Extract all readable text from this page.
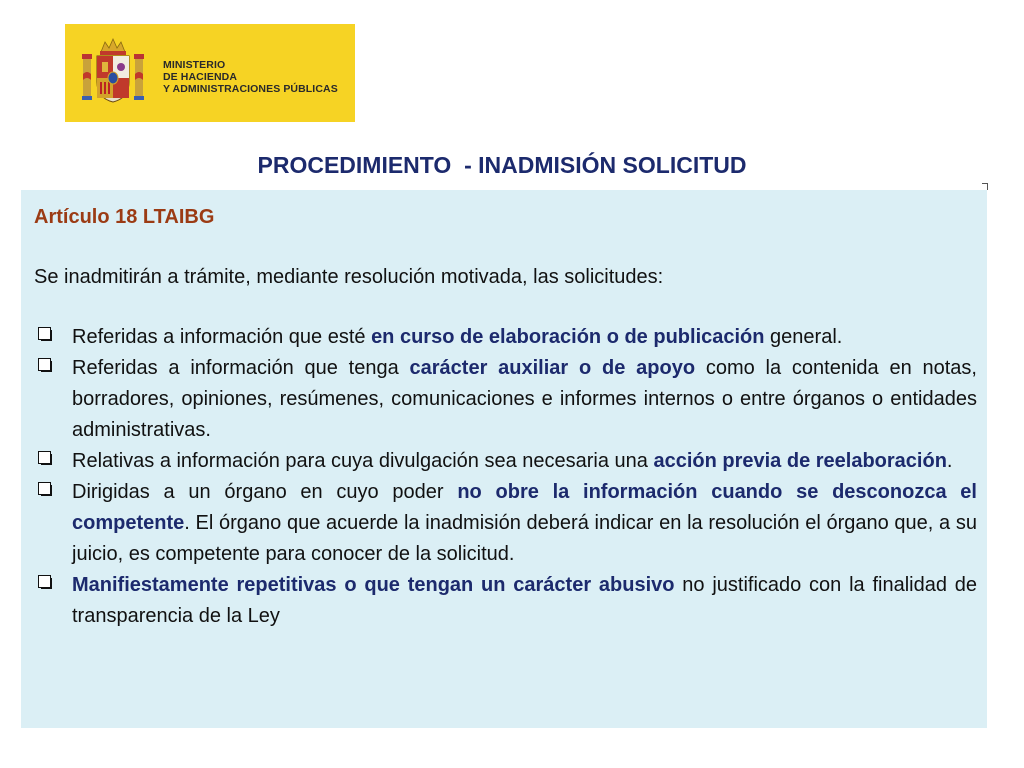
MINISTERIO
DE HACIENDA
Y ADMINISTRACIONES PÚBLICAS
PROCEDIMIENTO  - INADMISIÓN SOLICITUD
Artículo 18 LTAIBG
Se inadmitirán a trámite, mediante resolución motivada, las solicitudes:

Referidas a información que esté en curso de elaboración o de publicación general.

Referidas a información que tenga carácter auxiliar o de apoyo como la contenida en notas, borradores, opiniones, resúmenes, comunicaciones e informes internos o entre órganos o entidades administrativas.

Relativas a información para cuya divulgación sea necesaria una acción previa de reelaboración.

Dirigidas a un órgano en cuyo poder no obre la información cuando se desconozca el competente. El órgano que acuerde la inadmisión deberá indicar en la resolución el órgano que, a su juicio, es competente para conocer de la solicitud.

Manifiestamente repetitivas o que tengan un carácter abusivo no justificado con la finalidad de transparencia de la Ley
